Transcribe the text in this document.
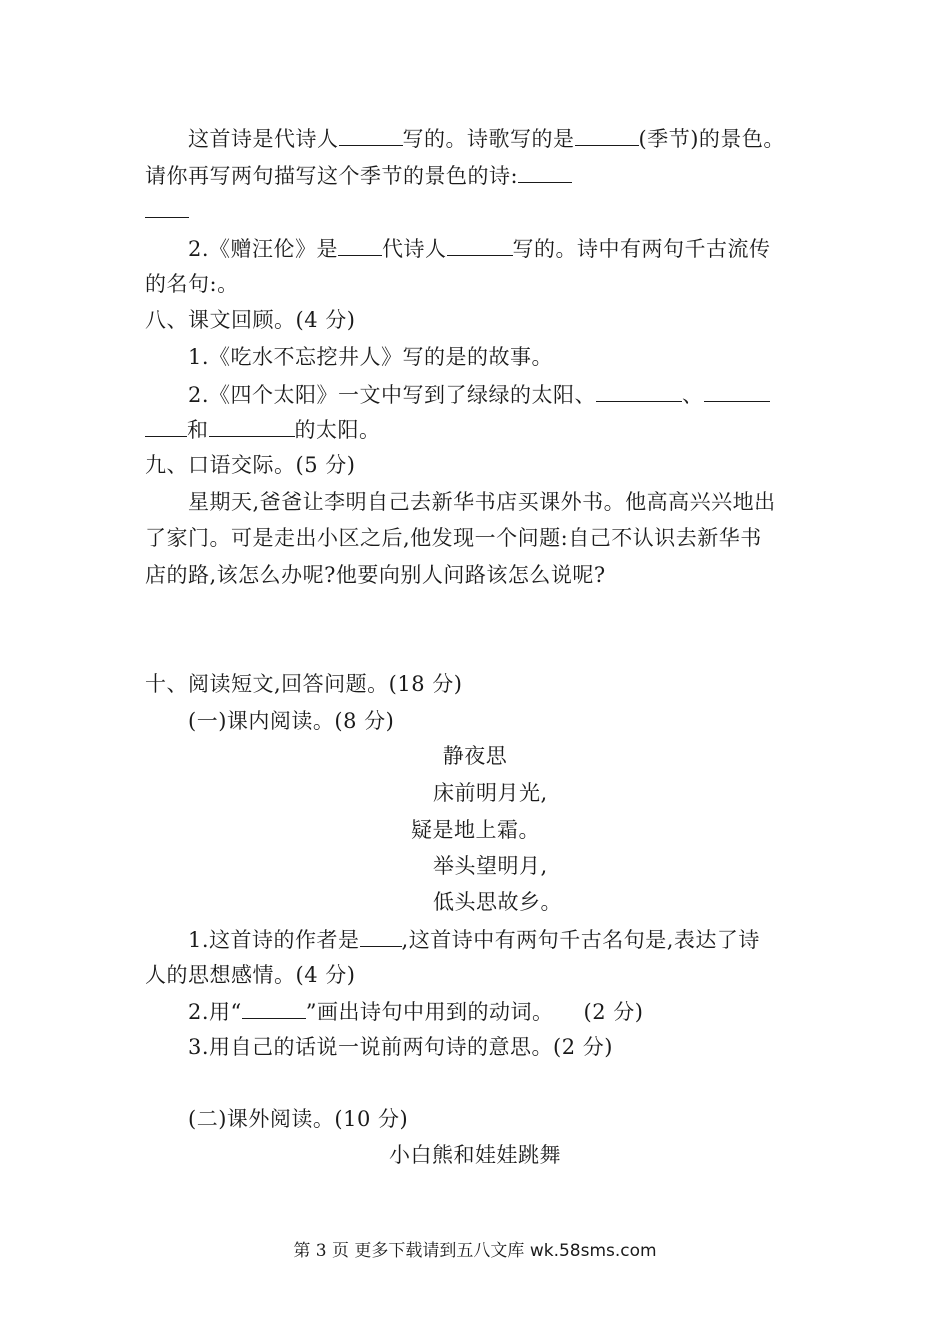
这首诗是代诗人	写的。诗歌写的是	(季节)的景色。
请你再写两句描写这个季节的景色的诗:
2.《赠汪伦》是 代诗人	写的。诗中有两句千古流传
的名句:。
八、课文回顾。(4 分)
1.《吃水不忘挖井人》写的是的故事。
2.《四个太阳》一文中写到了绿绿的太阳、	、
和	的太阳。
九、口语交际。(5 分)
星期天,爸爸让李明自己去新华书店买课外书。他高高兴兴地出
了家门。可是走出小区之后,他发现一个问题:自己不认识去新华书
店的路,该怎么办呢?他要向别人问路该怎么说呢?
十、阅读短文,回答问题。(18 分)
(一)课内阅读。(8 分)
静夜思
床前明月光,
疑是地上霜。
举头望明月,
低头思故乡。
1.这首诗的作者是 ,这首诗中有两句千古名句是,表达了诗
人的思想感情。(4 分)
2.用“	”画出诗句中用到的动词。 (2 分)
3.用自己的话说一说前两句诗的意思。(2 分)
(二)课外阅读。(10 分)
小白熊和娃娃跳舞
第 3 页 更多下载请到五八文库 wk.58sms.com
